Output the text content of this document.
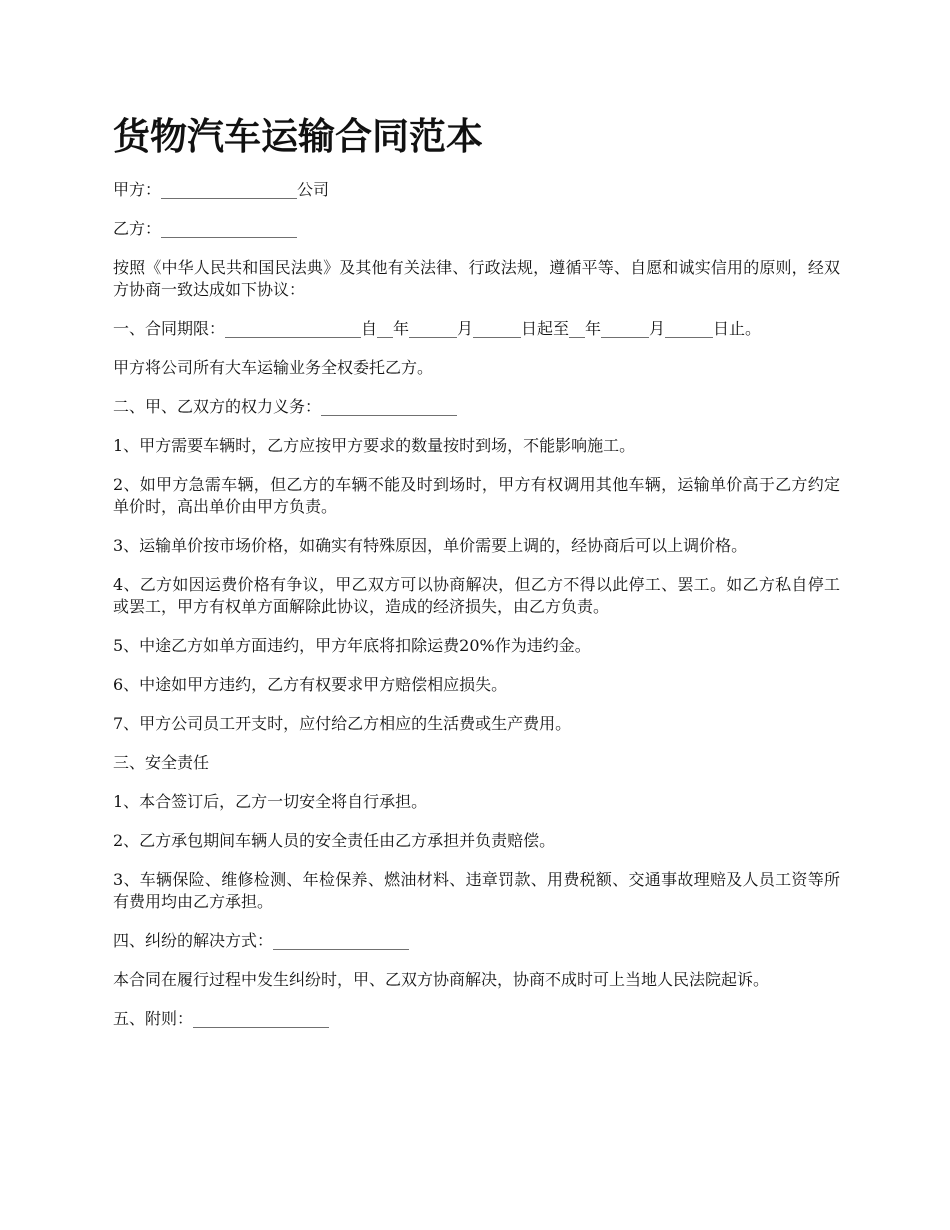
货物汽车运输合同范本

甲方：_________________公司

乙方：_________________

按照《中华人民共和国民法典》及其他有关法律、行政法规，遵循平等、自愿和诚实信用的原则，经双方协商一致达成如下协议：

一、合同期限：_________________自__年______月______日起至__年______月______日止。

甲方将公司所有大车运输业务全权委托乙方。

二、甲、乙双方的权力义务：_________________

1、甲方需要车辆时，乙方应按甲方要求的数量按时到场，不能影响施工。

2、如甲方急需车辆，但乙方的车辆不能及时到场时，甲方有权调用其他车辆，运输单价高于乙方约定单价时，高出单价由甲方负责。

3、运输单价按市场价格，如确实有特殊原因，单价需要上调的，经协商后可以上调价格。

4、乙方如因运费价格有争议，甲乙双方可以协商解决，但乙方不得以此停工、罢工。如乙方私自停工或罢工，甲方有权单方面解除此协议，造成的经济损失，由乙方负责。

5、中途乙方如单方面违约，甲方年底将扣除运费20%作为违约金。

6、中途如甲方违约，乙方有权要求甲方赔偿相应损失。

7、甲方公司员工开支时，应付给乙方相应的生活费或生产费用。

三、安全责任

1、本合签订后，乙方一切安全将自行承担。

2、乙方承包期间车辆人员的安全责任由乙方承担并负责赔偿。

3、车辆保险、维修检测、年检保养、燃油材料、违章罚款、用费税额、交通事故理赔及人员工资等所有费用均由乙方承担。

四、纠纷的解决方式：_________________

本合同在履行过程中发生纠纷时，甲、乙双方协商解决，协商不成时可上当地人民法院起诉。

五、附则：_________________
